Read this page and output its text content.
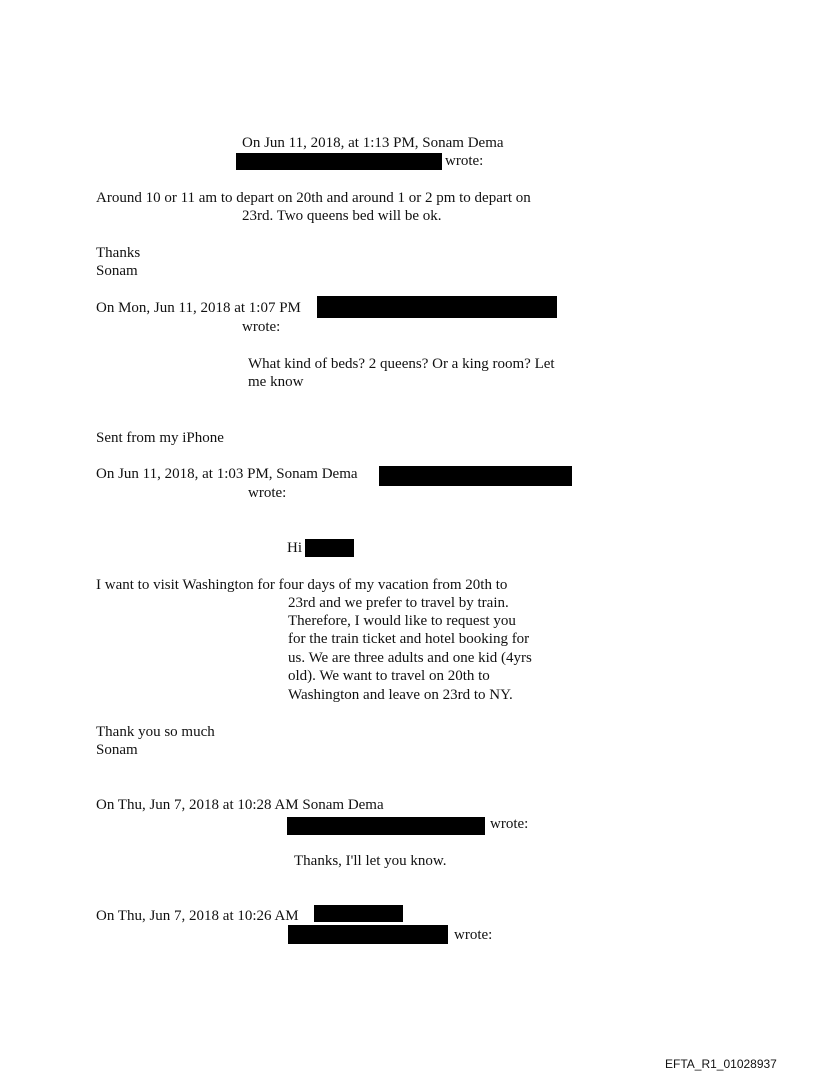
On Jun 11, 2018, at 1:13 PM, Sonam Dema
wrote:
Around 10 or 11 am to depart on 20th and around 1 or 2 pm to depart on
23rd. Two queens bed will be ok.
Thanks
Sonam
On Mon, Jun 11, 2018 at 1:07 PM
wrote:
What kind of beds? 2 queens? Or a king room? Let
me know
Sent from my iPhone
On Jun 11, 2018, at 1:03 PM, Sonam Dema
wrote:
Hi
I want to visit Washington for four days of my vacation from 20th to
23rd and we prefer to travel by train.
Therefore, I would like to request you
for the train ticket and hotel booking for
us. We are three adults and one kid (4yrs
old). We want to travel on 20th to
Washington and leave on 23rd to NY.
Thank you so much
Sonam
On Thu, Jun 7, 2018 at 10:28 AM Sonam Dema
wrote:
Thanks, I'll let you know.
On Thu, Jun 7, 2018 at 10:26 AM
wrote:
EFTA_R1_01028937
